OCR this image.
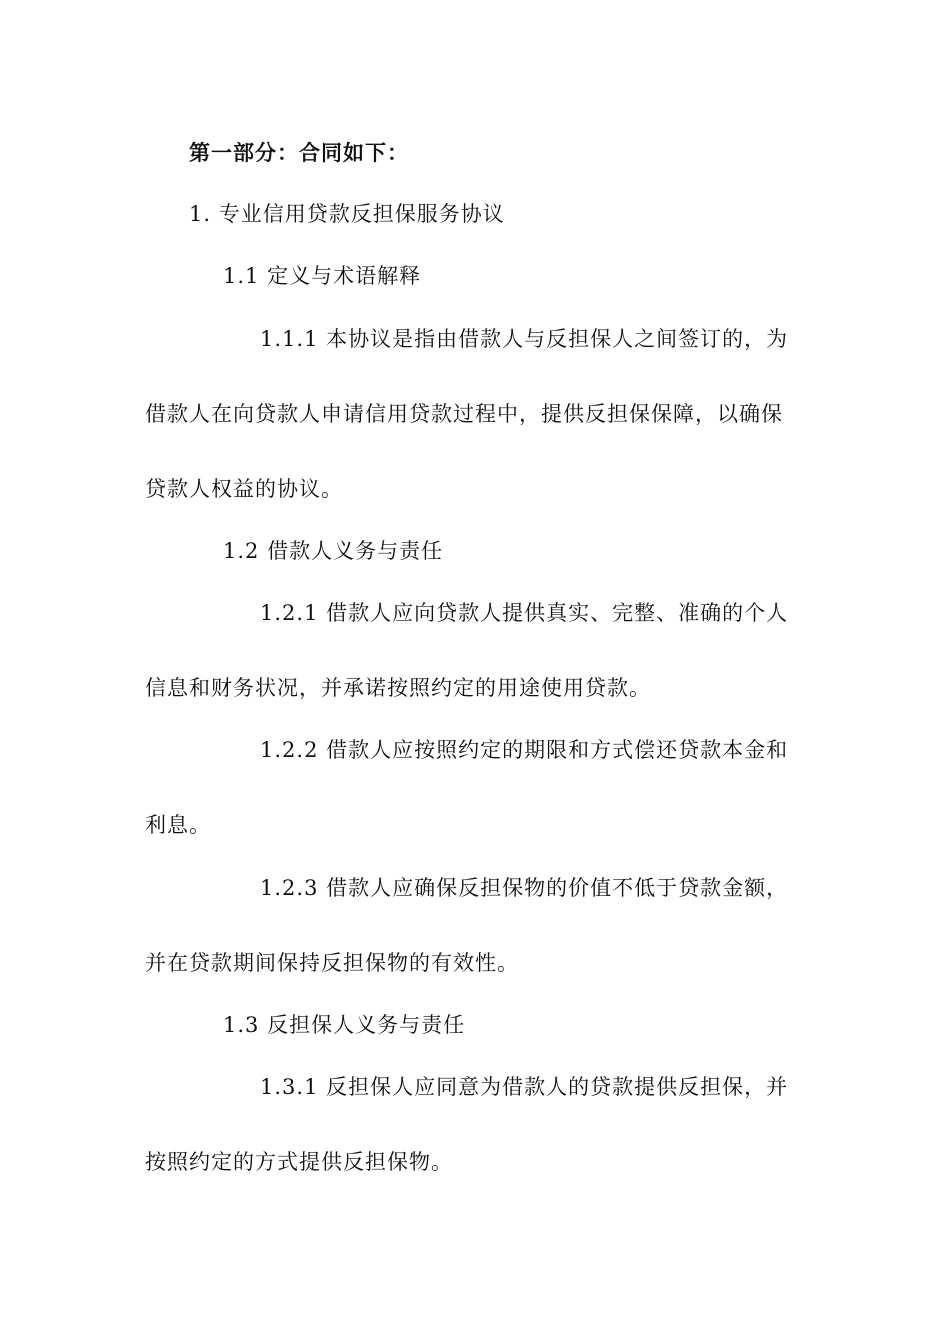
第一部分：合同如下：
1. 专业信用贷款反担保服务协议
1.1 定义与术语解释
1.1.1 本协议是指由借款人与反担保人之间签订的，为
借款人在向贷款人申请信用贷款过程中，提供反担保保障，以确保
贷款人权益的协议。
1.2 借款人义务与责任
1.2.1 借款人应向贷款人提供真实、完整、准确的个人
信息和财务状况，并承诺按照约定的用途使用贷款。
1.2.2 借款人应按照约定的期限和方式偿还贷款本金和
利息。
1.2.3 借款人应确保反担保物的价值不低于贷款金额，
并在贷款期间保持反担保物的有效性。
1.3 反担保人义务与责任
1.3.1 反担保人应同意为借款人的贷款提供反担保，并
按照约定的方式提供反担保物。
